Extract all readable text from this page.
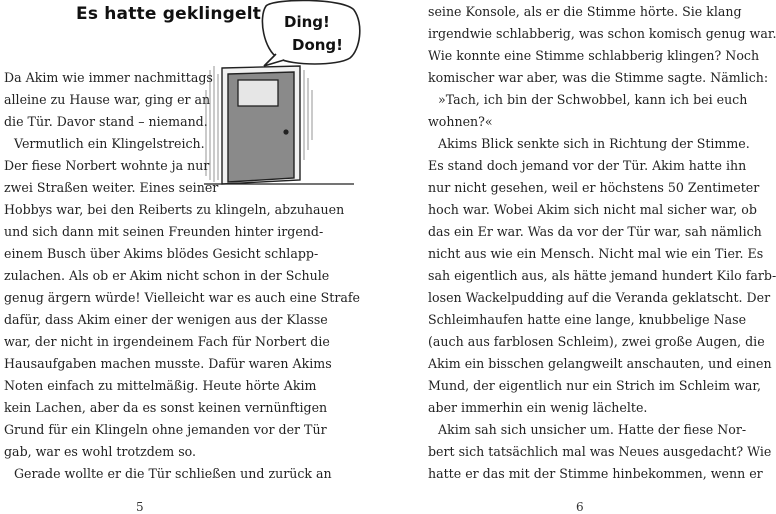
Es hatte geklingelt Ding!
Dong!
Da Akim wie immer nachmittags
alleine zu Hause war, ging er an
die Tür. Davor stand – niemand.
Vermutlich ein Klingelstreich.
Der fiese Norbert wohnte ja nur
zwei Straßen weiter. Eines seiner
Hobbys war, bei den Reiberts zu klingeln, abzuhauen
und sich dann mit seinen Freunden hinter irgend-
einem Busch über Akims blödes Gesicht schlapp-
zulachen. Als ob er Akim nicht schon in der Schule
genug ärgern würde! Vielleicht war es auch eine Strafe
dafür, dass Akim einer der wenigen aus der Klasse
war, der nicht in irgendeinem Fach für Norbert die
Hausaufgaben machen musste. Dafür waren Akims
Noten einfach zu mittelmäßig. Heute hörte Akim
kein Lachen, aber da es sonst keinen vernünftigen
Grund für ein Klingeln ohne jemanden vor der Tür
gab, war es wohl trotzdem so.
Gerade wollte er die Tür schließen und zurück an
5
seine Konsole, als er die Stimme hörte. Sie klang
irgendwie schlabberig, was schon komisch genug war.
Wie konnte eine Stimme schlabberig klingen? Noch
komischer war aber, was die Stimme sagte. Nämlich:
»Tach, ich bin der Schwobbel, kann ich bei euch
wohnen?«
Akims Blick senkte sich in Richtung der Stimme.
Es stand doch jemand vor der Tür. Akim hatte ihn
nur nicht gesehen, weil er höchstens 50 Zentimeter
hoch war. Wobei Akim sich nicht mal sicher war, ob
das ein Er war. Was da vor der Tür war, sah nämlich
nicht aus wie ein Mensch. Nicht mal wie ein Tier. Es
sah eigentlich aus, als hätte jemand hundert Kilo farb-
losen Wackelpudding auf die Veranda geklatscht. Der
Schleimhaufen hatte eine lange, knubbelige Nase
(auch aus farblosen Schleim), zwei große Augen, die
Akim ein bisschen gelangweilt anschauten, und einen
Mund, der eigentlich nur ein Strich im Schleim war,
aber immerhin ein wenig lächelte.
Akim sah sich unsicher um. Hatte der fiese Nor-
bert sich tatsächlich mal was Neues ausgedacht? Wie
hatte er das mit der Stimme hinbekommen, wenn er
6
